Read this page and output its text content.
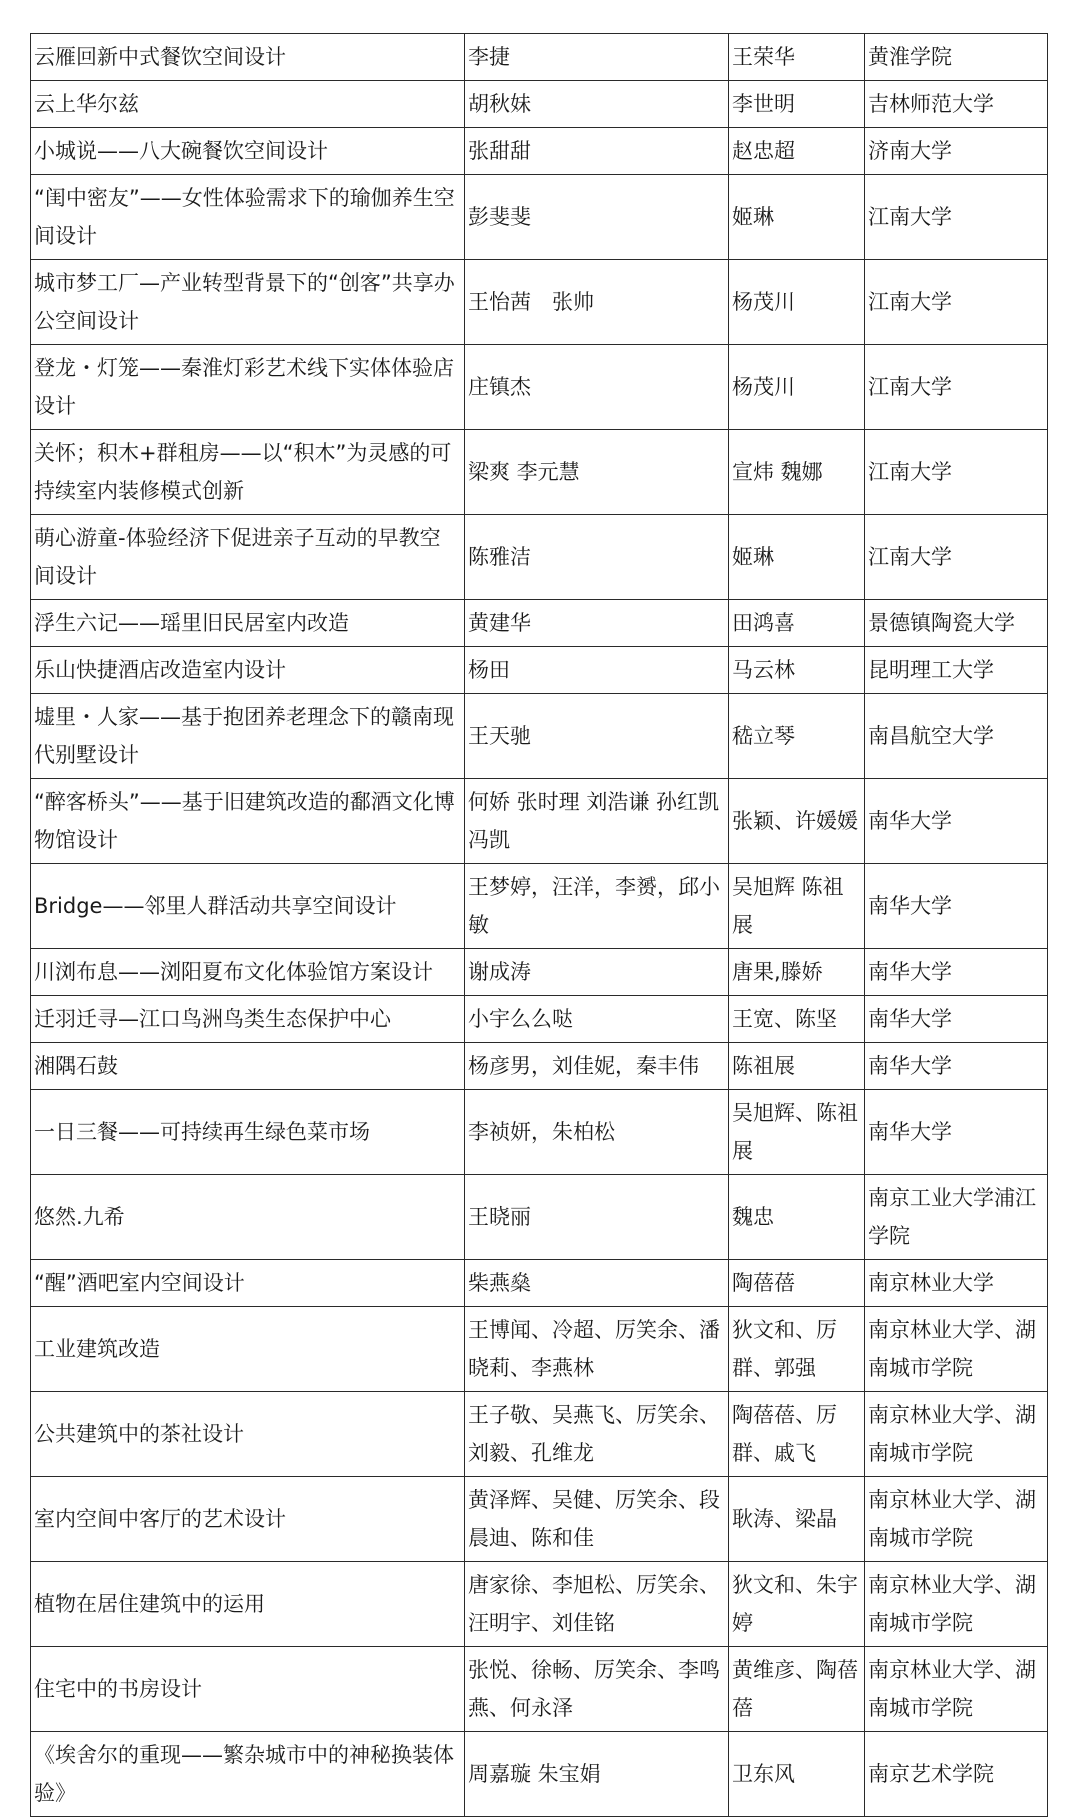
云雁回新中式餐饮空间设计	李捷	王荣华	黄淮学院
云上华尔兹	胡秋妹	李世明	吉林师范大学
小城说——八大碗餐饮空间设计	张甜甜	赵忠超	济南大学
“闺中密友”——女性体验需求下的瑜伽养生空间设计	彭斐斐	姬琳	江南大学
城市梦工厂—产业转型背景下的“创客”共享办公空间设计	王怡茜　张帅	杨茂川	江南大学
登龙・灯笼——秦淮灯彩艺术线下实体体验店设计	庄镇杰	杨茂川	江南大学
关怀；积木+群租房——以“积木”为灵感的可持续室内装修模式创新	梁爽 李元慧	宣炜 魏娜	江南大学
萌心游童-体验经济下促进亲子互动的早教空间设计	陈雅洁	姬琳	江南大学
浮生六记——瑶里旧民居室内改造	黄建华	田鸿喜	景德镇陶瓷大学
乐山快捷酒店改造室内设计	杨田	马云林	昆明理工大学
墟里・人家——基于抱团养老理念下的赣南现代别墅设计	王天驰	嵇立琴	南昌航空大学
“醉客桥头”——基于旧建筑改造的鄱酒文化博物馆设计	何娇 张时理 刘浩谦 孙红凯 冯凯	张颖、许媛媛	南华大学
Bridge——邻里人群活动共享空间设计	王梦婷，汪洋，李赟，邱小敏	吴旭辉 陈祖展	南华大学
川浏布息——浏阳夏布文化体验馆方案设计	谢成涛	唐果,滕娇	南华大学
迁羽迁寻—江口鸟洲鸟类生态保护中心	小宇么么哒	王宽、陈坚	南华大学
湘隅石鼓	杨彦男，刘佳妮，秦丰伟	陈祖展	南华大学
一日三餐——可持续再生绿色菜市场	李祯妍，朱柏松	吴旭辉、陈祖展	南华大学
悠然.九希	王晓丽	魏忠	南京工业大学浦江学院
“醒”酒吧室内空间设计	柴燕燊	陶蓓蓓	南京林业大学
工业建筑改造	王博闻、冷超、厉笑余、潘晓莉、李燕林	狄文和、厉群、郭强	南京林业大学、湖南城市学院
公共建筑中的茶社设计	王子敬、吴燕飞、厉笑余、刘毅、孔维龙	陶蓓蓓、厉群、戚飞	南京林业大学、湖南城市学院
室内空间中客厅的艺术设计	黄泽辉、吴健、厉笑余、段晨迪、陈和佳	耿涛、梁晶	南京林业大学、湖南城市学院
植物在居住建筑中的运用	唐家徐、李旭松、厉笑余、汪明宇、刘佳铭	狄文和、朱宇婷	南京林业大学、湖南城市学院
住宅中的书房设计	张悦、徐畅、厉笑余、李鸣燕、何永泽	黄维彦、陶蓓蓓	南京林业大学、湖南城市学院
《埃舍尔的重现——繁杂城市中的神秘换装体验》	周嘉璇 朱宝娟	卫东风	南京艺术学院
